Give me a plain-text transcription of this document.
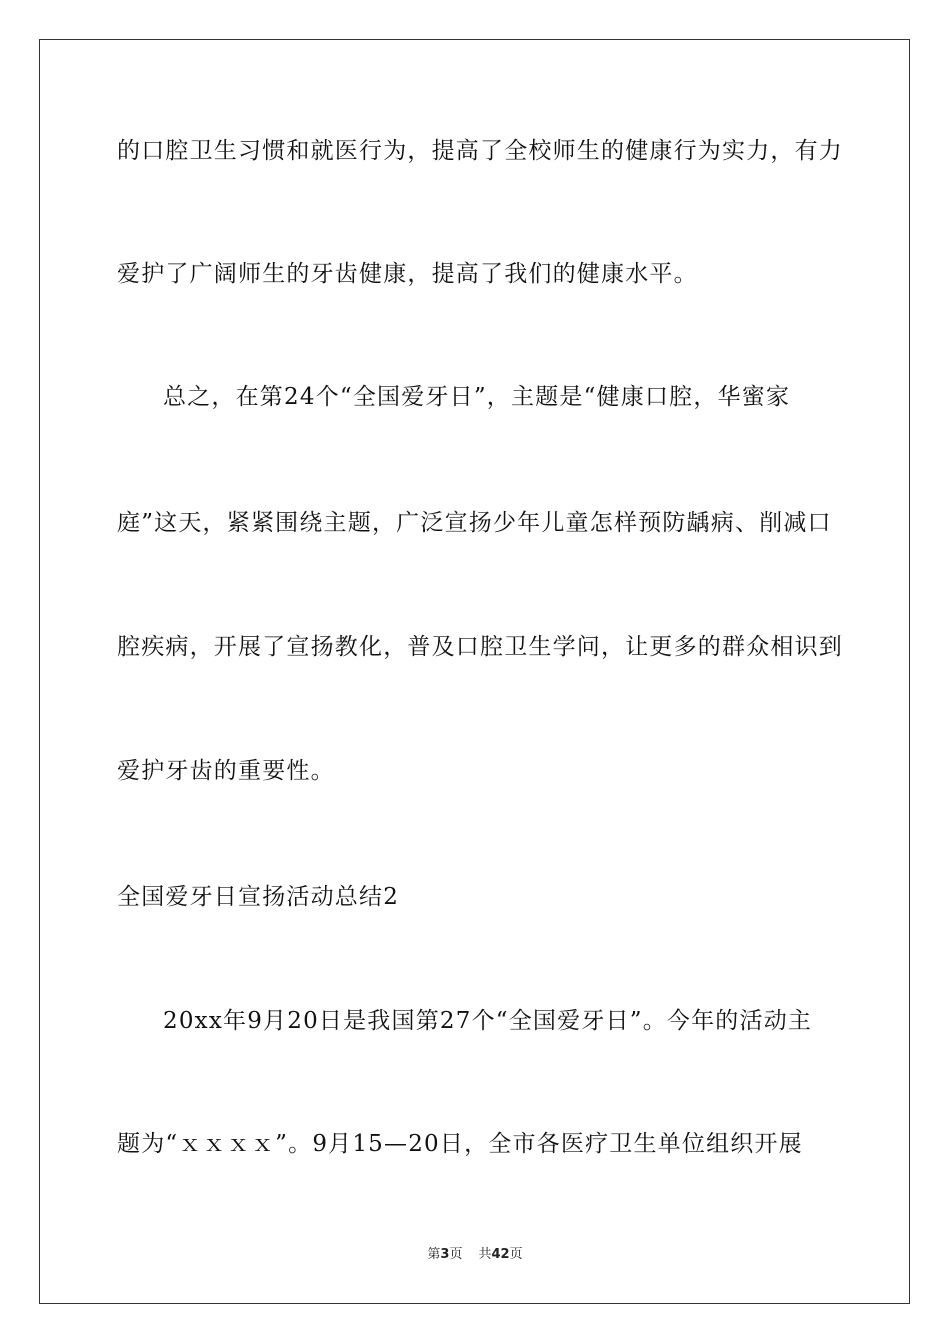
的口腔卫生习惯和就医行为，提高了全校师生的健康行为实力，有力
爱护了广阔师生的牙齿健康，提高了我们的健康水平。
总之，在第24个“全国爱牙日”，主题是“健康口腔，华蜜家
庭”这天，紧紧围绕主题，广泛宣扬少年儿童怎样预防龋病、削减口
腔疾病，开展了宣扬教化，普及口腔卫生学问，让更多的群众相识到
爱护牙齿的重要性。
全国爱牙日宣扬活动总结2
20xx年9月20日是我国第27个“全国爱牙日”。今年的活动主
题为“ｘｘｘｘ”。9月15—20日，全市各医疗卫生单位组织开展
第3页 共42页
